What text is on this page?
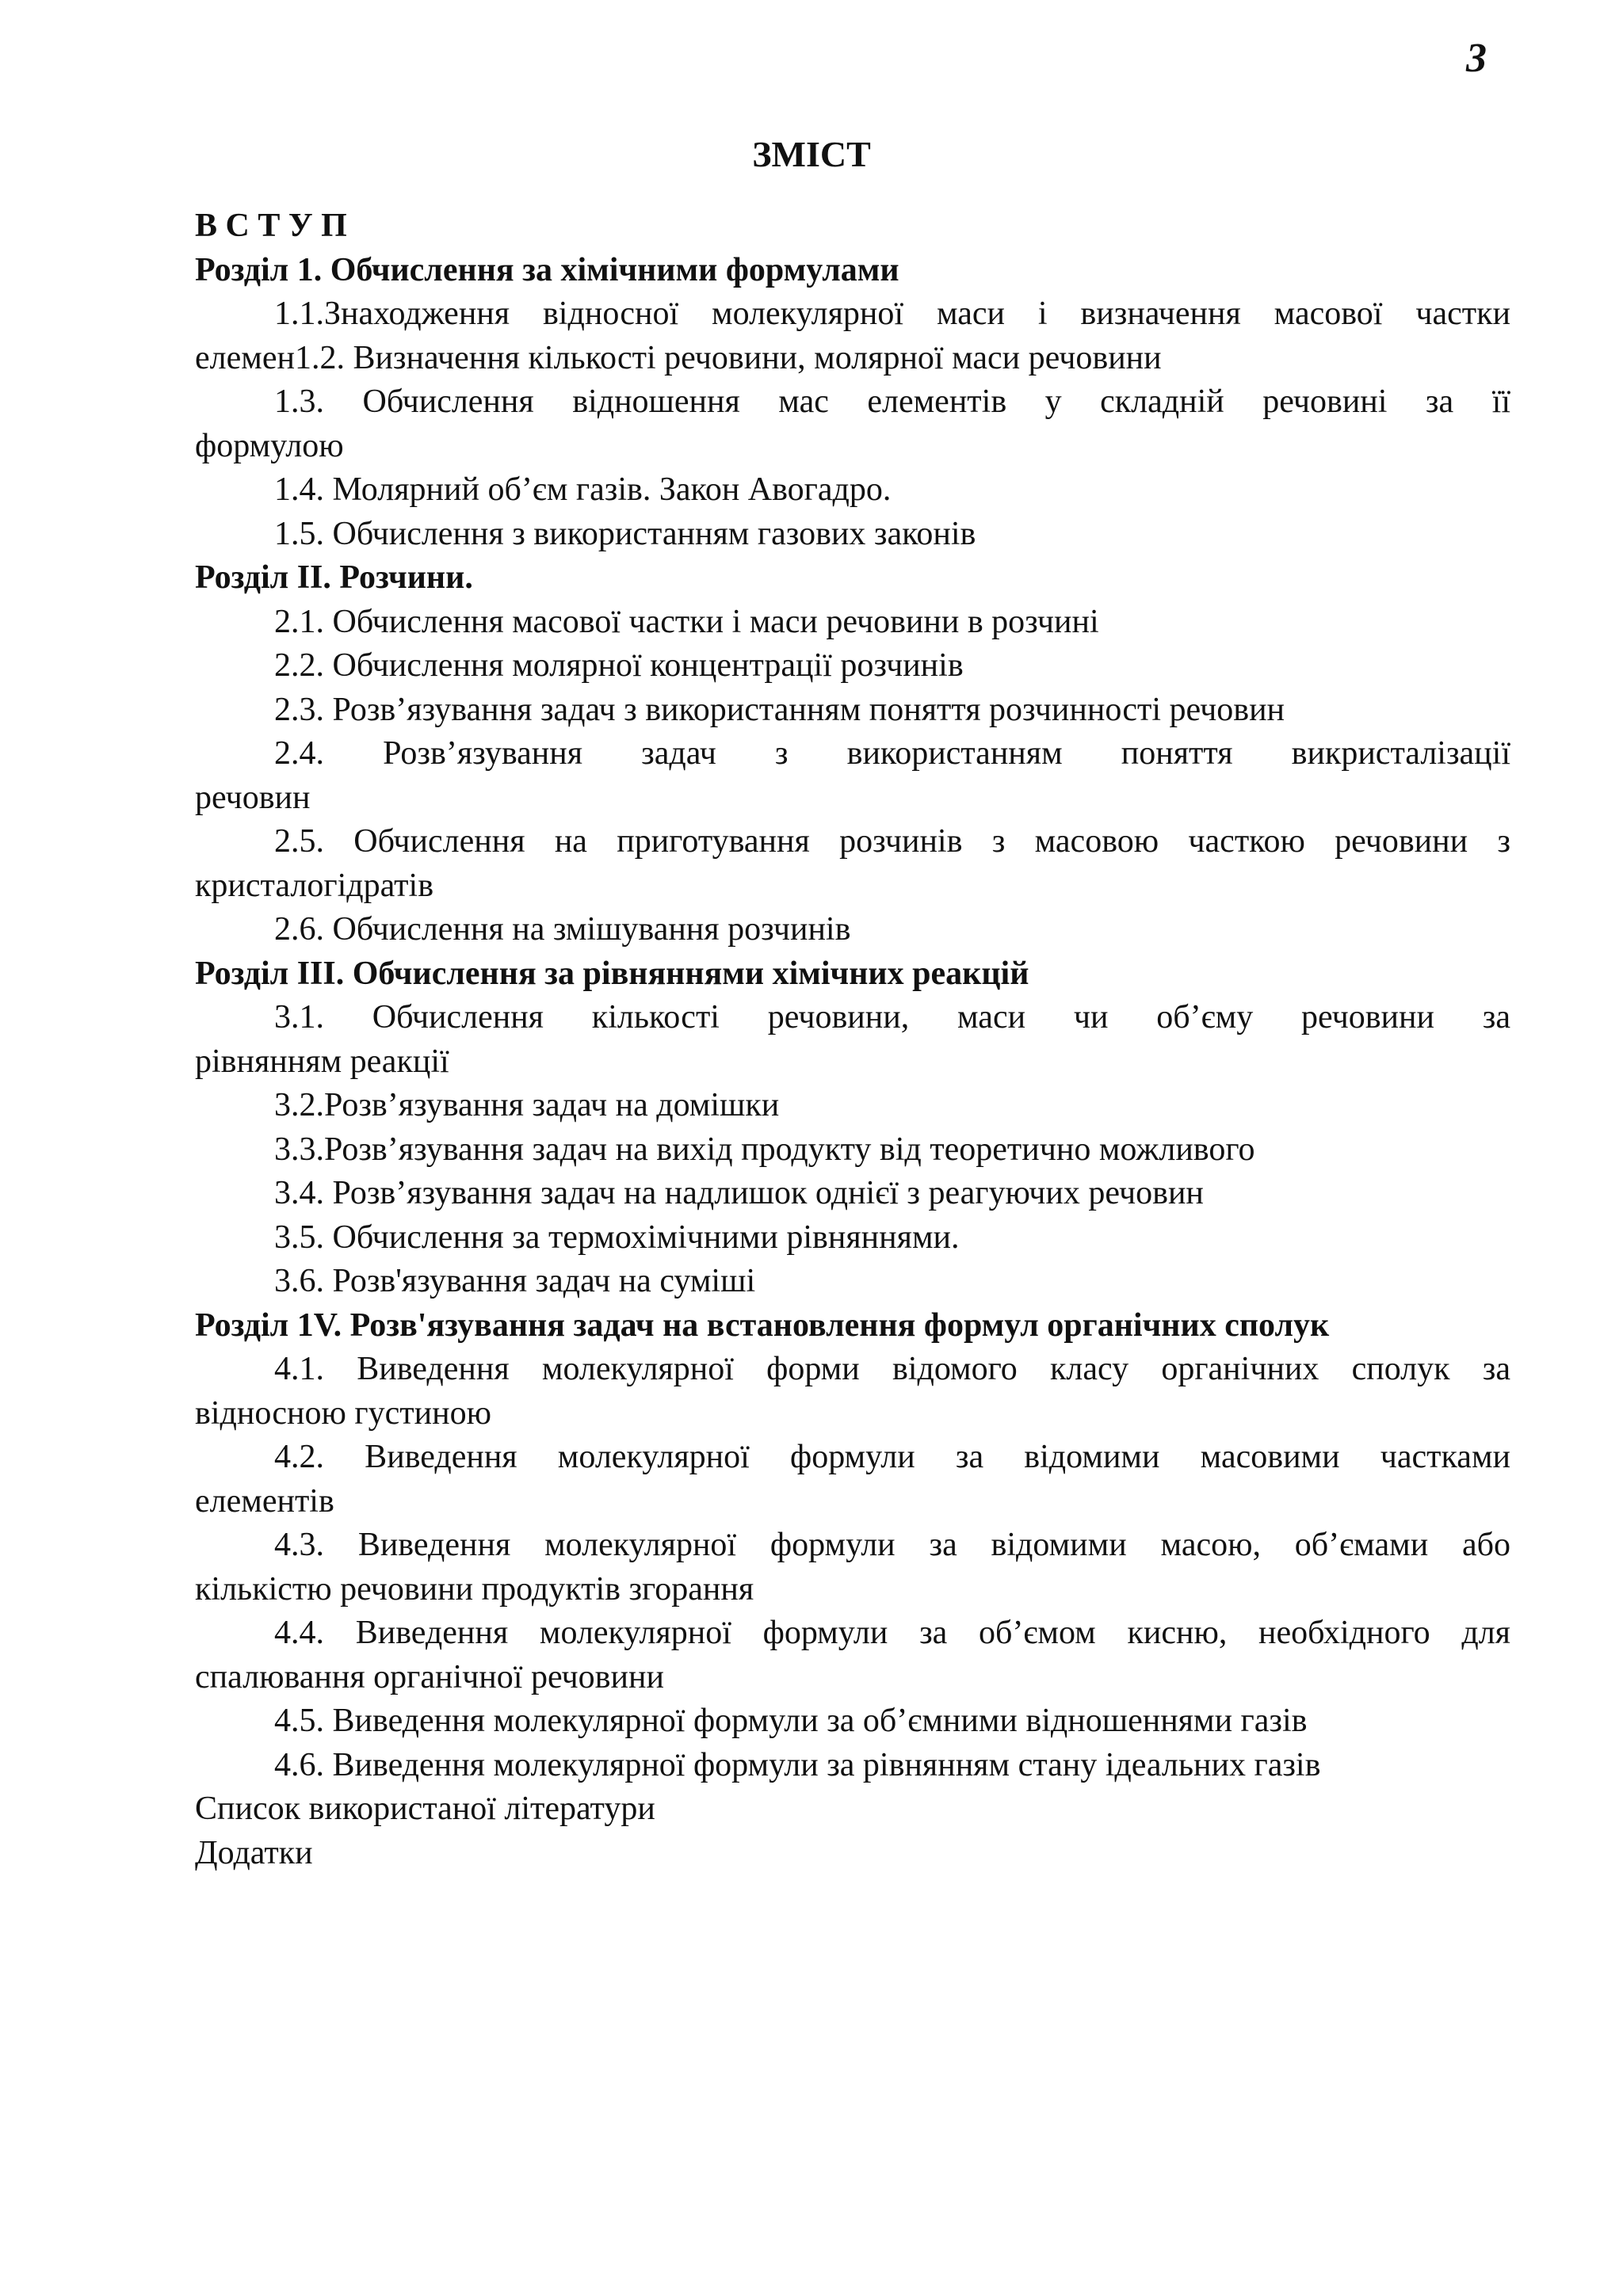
3
ЗМІСТ
В С Т У П
Розділ 1. Обчислення за хімічними формулами
1.1.Знаходження відносної молекулярної маси і визначення масової частки
елемен1.2. Визначення кількості речовини, молярної маси речовини
1.3. Обчислення відношення мас елементів у складній речовині за її
формулою
1.4. Молярний об’єм газів. Закон Авогадро.
1.5. Обчислення з використанням газових законів
Розділ ІІ. Розчини.
2.1. Обчислення масової частки і маси речовини в розчині
2.2. Обчислення молярної концентрації розчинів
2.3. Розв’язування задач з використанням поняття розчинності речовин
2.4. Розв’язування задач з використанням поняття викристалізації
речовин
2.5. Обчислення на приготування розчинів з масовою часткою речовини з
кристалогідратів
2.6. Обчислення на змішування розчинів
Розділ ІІІ. Обчислення за рівняннями хімічних реакцій
3.1. Обчислення кількості речовини, маси чи об’єму речовини за
рівнянням реакції
3.2.Розв’язування задач на домішки
3.3.Розв’язування задач на вихід продукту від теоретично можливого
3.4. Розв’язування задач на надлишок однієї з реагуючих речовин
3.5. Обчислення за термохімічними рівняннями.
3.6. Розв'язування задач на суміші
Розділ 1V. Розв'язування задач на встановлення формул органічних сполук
4.1. Виведення молекулярної форми відомого класу органічних сполук за
відносною густиною
4.2. Виведення молекулярної формули за відомими масовими частками
елементів
4.3. Виведення молекулярної формули за відомими масою, об’ємами або
кількістю речовини продуктів згорання
4.4. Виведення молекулярної формули за об’ємом кисню, необхідного для
спалювання органічної речовини
4.5. Виведення молекулярної формули за об’ємними відношеннями газів
4.6. Виведення молекулярної формули за рівнянням стану ідеальних газів
Список використаної літератури
Додатки
